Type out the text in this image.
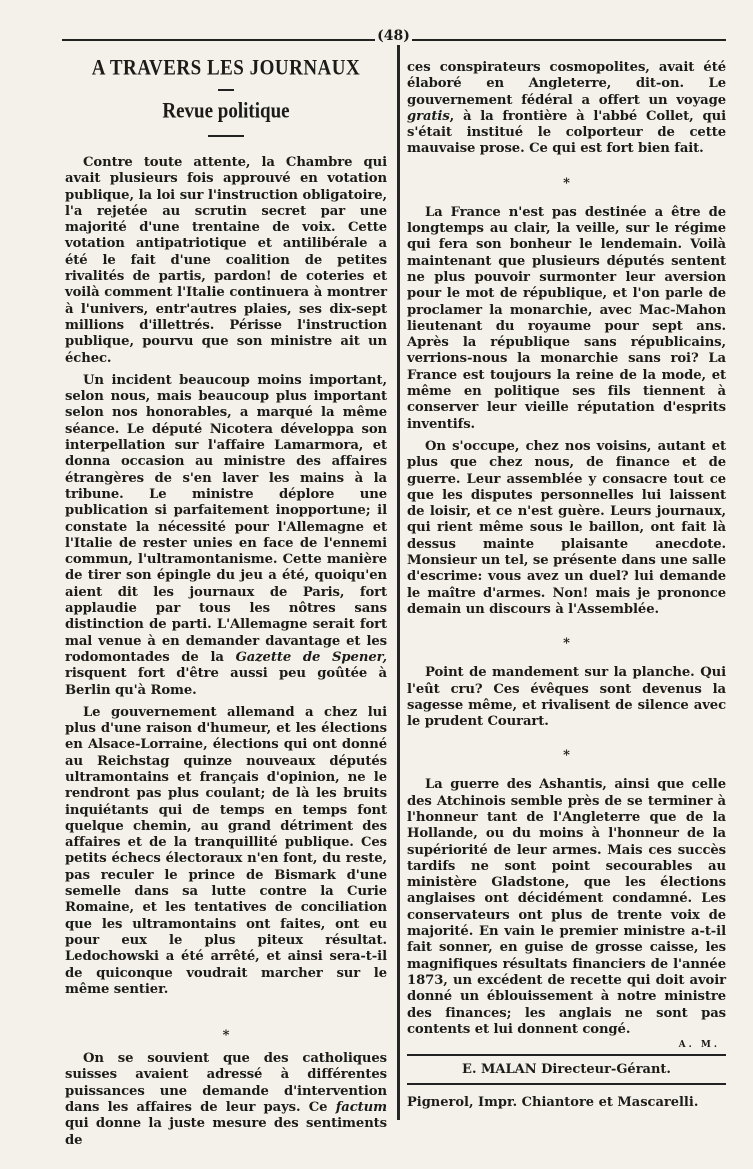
(48)
A TRAVERS LES JOURNAUX
Revue politique

Contre toute attente, la Chambre qui avait plusieurs fois approuvé en votation publique, la loi sur l'instruction obligatoire, l'a rejetée au scrutin secret par une majorité d'une trentaine de voix. Cette votation antipatriotique et antilibérale a été le fait d'une coalition de petites rivalités de partis, pardon! de coteries et voilà comment l'Italie continuera à montrer à l'univers, entr'autres plaies, ses dix-sept millions d'illettrés. Périsse l'instruction publique, pourvu que son ministre ait un échec.

Un incident beaucoup moins important, selon nous, mais beaucoup plus important selon nos honorables, a marqué la même séance. Le député Nicotera développa son interpellation sur l'affaire Lamarmora, et donna occasion au ministre des affaires étrangères de s'en laver les mains à la tribune. Le ministre déplore une publication si parfaitement inopportune; il constate la nécessité pour l'Allemagne et l'Italie de rester unies en face de l'ennemi commun, l'ultramontanisme. Cette manière de tirer son épingle du jeu a été, quoiqu'en aient dit les journaux de Paris, fort applaudie par tous les nôtres sans distinction de parti. L'Allemagne serait fort mal venue à en demander davantage et les rodomontades de la Gazette de Spener, risquent fort d'être aussi peu goûtée à Berlin qu'à Rome.

Le gouvernement allemand a chez lui plus d'une raison d'humeur, et les élections en Alsace-Lorraine, élections qui ont donné au Reichstag quinze nouveaux députés ultramontains et français d'opinion, ne le rendront pas plus coulant; de là les bruits inquiétants qui de temps en temps font quelque chemin, au grand détriment des affaires et de la tranquillité publique. Ces petits échecs électoraux n'en font, du reste, pas reculer le prince de Bismark d'une semelle dans sa lutte contre la Curie Romaine, et les tentatives de conciliation que les ultramontains ont faites, ont eu pour eux le plus piteux résultat. Ledochowski a été arrêté, et ainsi sera-t-il de quiconque voudrait marcher sur le même sentier.

*

On se souvient que des catholiques suisses avaient adressé à différentes puissances une demande d'intervention dans les affaires de leur pays. Ce factum qui donne la juste mesure des sentiments de

ces conspirateurs cosmopolites, avait été élaboré en Angleterre, dit-on. Le gouvernement fédéral a offert un voyage gratis, à la frontière à l'abbé Collet, qui s'était institué le colporteur de cette mauvaise prose. Ce qui est fort bien fait.

*

La France n'est pas destinée a être de longtemps au clair, la veille, sur le régime qui fera son bonheur le lendemain. Voilà maintenant que plusieurs députés sentent ne plus pouvoir surmonter leur aversion pour le mot de république, et l'on parle de proclamer la monarchie, avec Mac-Mahon lieutenant du royaume pour sept ans. Après la république sans républicains, verrions-nous la monarchie sans roi? La France est toujours la reine de la mode, et même en politique ses fils tiennent à conserver leur vieille réputation d'esprits inventifs.

On s'occupe, chez nos voisins, autant et plus que chez nous, de finance et de guerre. Leur assemblée y consacre tout ce que les disputes personnelles lui laissent de loisir, et ce n'est guère. Leurs journaux, qui rient même sous le baillon, ont fait là dessus mainte plaisante anecdote. Monsieur un tel, se présente dans une salle d'escrime: vous avez un duel? lui demande le maître d'armes. Non! mais je prononce demain un discours à l'Assemblée.

*

Point de mandement sur la planche. Qui l'eût cru? Ces évêques sont devenus la sagesse même, et rivalisent de silence avec le prudent Courart.

*

La guerre des Ashantis, ainsi que celle des Atchinois semble près de se terminer à l'honneur tant de l'Angleterre que de la Hollande, ou du moins à l'honneur de la supériorité de leur armes. Mais ces succès tardifs ne sont point secourables au ministère Gladstone, que les élections anglaises ont décidément condamné. Les conservateurs ont plus de trente voix de majorité. En vain le premier ministre a-t-il fait sonner, en guise de grosse caisse, les magnifiques résultats financiers de l'année 1873, un excédent de recette qui doit avoir donné un éblouissement à notre ministre des finances; les anglais ne sont pas contents et lui donnent congé.

A. M.
E. MALAN Directeur-Gérant.
Pignerol, Impr. Chiantore et Mascarelli.
